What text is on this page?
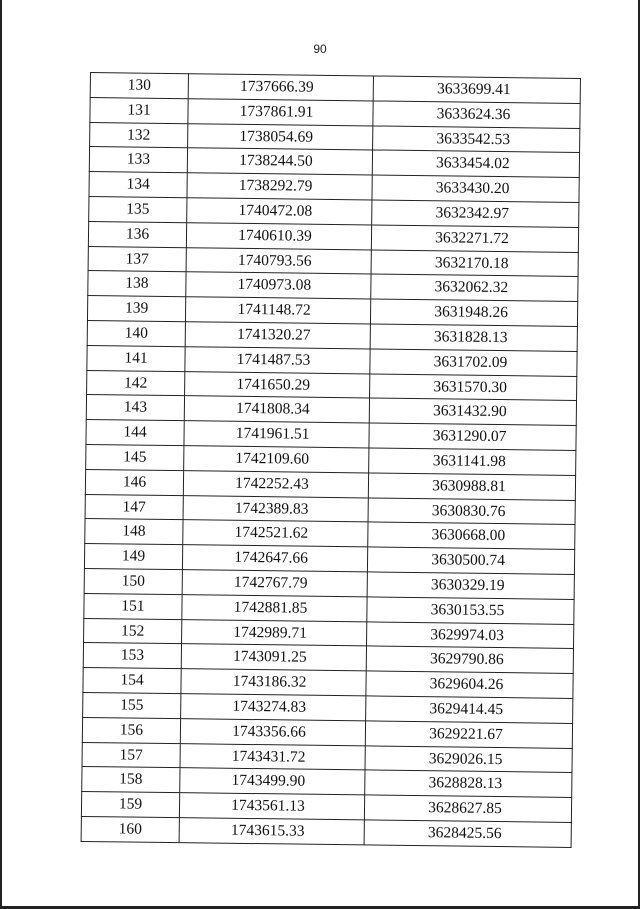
90
130	1737666.39	3633699.41
131	1737861.91	3633624.36
132	1738054.69	3633542.53
133	1738244.50	3633454.02
134	1738292.79	3633430.20
135	1740472.08	3632342.97
136	1740610.39	3632271.72
137	1740793.56	3632170.18
138	1740973.08	3632062.32
139	1741148.72	3631948.26
140	1741320.27	3631828.13
141	1741487.53	3631702.09
142	1741650.29	3631570.30
143	1741808.34	3631432.90
144	1741961.51	3631290.07
145	1742109.60	3631141.98
146	1742252.43	3630988.81
147	1742389.83	3630830.76
148	1742521.62	3630668.00
149	1742647.66	3630500.74
150	1742767.79	3630329.19
151	1742881.85	3630153.55
152	1742989.71	3629974.03
153	1743091.25	3629790.86
154	1743186.32	3629604.26
155	1743274.83	3629414.45
156	1743356.66	3629221.67
157	1743431.72	3629026.15
158	1743499.90	3628828.13
159	1743561.13	3628627.85
160	1743615.33	3628425.56
